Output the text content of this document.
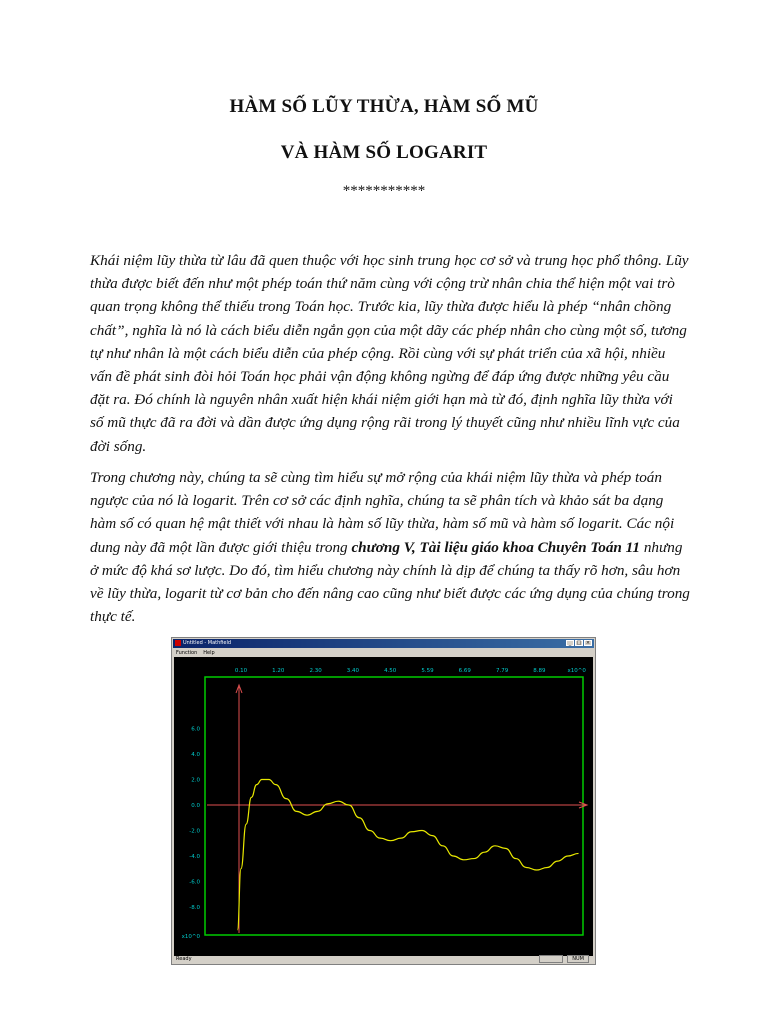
HÀM SỐ LŨY THỪA, HÀM SỐ MŨ
VÀ HÀM SỐ LOGARIT
***********
Khái niệm lũy thừa từ lâu đã quen thuộc với học sinh trung học cơ sở và trung học phổ thông. Lũy thừa được biết đến như một phép toán thứ năm cùng với cộng trừ nhân chia thể hiện một vai trò quan trọng không thể thiếu trong Toán học. Trước kia, lũy thừa được hiểu là phép “nhân chồng chất”, nghĩa là nó là cách biểu diễn ngắn gọn của một dãy các phép nhân cho cùng một số, tương tự như nhân là một cách biểu diễn của phép cộng. Rồi cùng với sự phát triển của xã hội, nhiều vấn đề phát sinh đòi hỏi Toán học phải vận động không ngừng để đáp ứng được những yêu cầu đặt ra. Đó chính là nguyên nhân xuất hiện khái niệm giới hạn mà từ đó, định nghĩa lũy thừa với số mũ thực đã ra đời và dần được ứng dụng rộng rãi trong lý thuyết cũng như nhiều lĩnh vực của đời sống.
Trong chương này, chúng ta sẽ cùng tìm hiểu sự mở rộng của khái niệm lũy thừa và phép toán ngược của nó là logarit. Trên cơ sở các định nghĩa, chúng ta sẽ phân tích và khảo sát ba dạng hàm số có quan hệ mật thiết với nhau là hàm số lũy thừa, hàm số mũ và hàm số logarit. Các nội dung này đã một lần được giới thiệu trong chương V, Tài liệu giáo khoa Chuyên Toán 11 nhưng ở mức độ khá sơ lược. Do đó, tìm hiểu chương này chính là dịp để chúng ta thấy rõ hơn, sâu hơn về lũy thừa, logarit từ cơ bản cho đến nâng cao cũng như biết được các ứng dụng của chúng trong thực tế.
Untitled - Mathfield	_	□ ×
Function Help
0.10	1.20	2.30	3.40	4.50	5.59	6.69	7.79	8.89	x10^0
6.0
4.0
2.0
0.0
-2.0
-4.0
-6.0
-8.0
x10^0
Ready	NUM
